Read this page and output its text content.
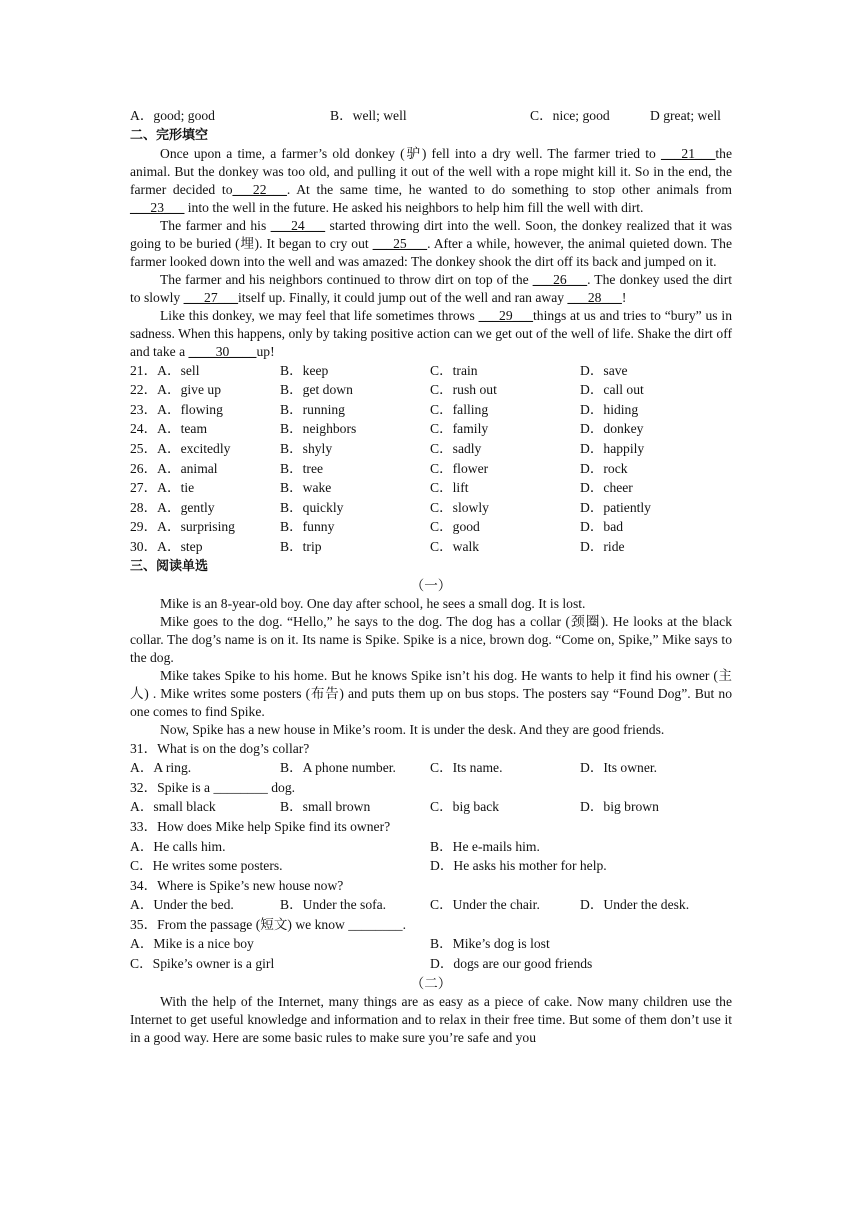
A．good; good	B．well; well	C．nice; good	D great; well
二、完形填空
Once upon a time, a farmer’s old donkey (驴) fell into a dry well. The farmer tried to ___21___the animal. But the donkey was too old, and pulling it out of the well with a rope might kill it. So in the end, the farmer decided to___22___. At the same time, he wanted to do something to stop other animals from ___23___ into the well in the future. He asked his neighbors to help him fill the well with dirt.
The farmer and his ___24___ started throwing dirt into the well. Soon, the donkey realized that it was going to be buried (埋). It began to cry out ___25___. After a while, however, the animal quieted down. The farmer looked down into the well and was amazed: The donkey shook the dirt off its back and jumped on it.
The farmer and his neighbors continued to throw dirt on top of the ___26___. The donkey used the dirt to slowly ___27___itself up. Finally, it could jump out of the well and ran away ___28___!
Like this donkey, we may feel that life sometimes throws ___29___things at us and tries to “bury” us in sadness. When this happens, only by taking positive action can we get out of the well of life. Shake the dirt off and take a ____30____up!
21．A．sell	B．keep	C．train	D．save
22．A．give up	B．get down	C．rush out	D．call out
23．A．flowing	B．running	C．falling	D．hiding
24．A．team	B．neighbors	C．family	D．donkey
25．A．excitedly	B．shyly	C．sadly	D．happily
26．A．animal	B．tree	C．flower	D．rock
27．A．tie	B．wake	C．lift	D．cheer
28．A．gently	B．quickly	C．slowly	D．patiently
29．A．surprising	B．funny	C．good	D．bad
30．A．step	B．trip	C．walk	D．ride
三、阅读单选
（一）
Mike is an 8-year-old boy. One day after school, he sees a small dog. It is lost.
Mike goes to the dog. “Hello,” he says to the dog. The dog has a collar (颈圈). He looks at the black collar. The dog’s name is on it. Its name is Spike. Spike is a nice, brown dog. “Come on, Spike,” Mike says to the dog.
Mike takes Spike to his home. But he knows Spike isn’t his dog. He wants to help it find his owner (主人) . Mike writes some posters (布告) and puts them up on bus stops. The posters say “Found Dog”. But no one comes to find Spike.
Now, Spike has a new house in Mike’s room. It is under the desk. And they are good friends.
31．What is on the dog’s collar?
A．A ring.	B．A phone number.	C．Its name.	D．Its owner.
32．Spike is a ________ dog.
A．small black	B．small brown	C．big back	D．big brown
33．How does Mike help Spike find its owner?
A．He calls him.	B．He e-mails him.
C．He writes some posters.	D．He asks his mother for help.
34．Where is Spike’s new house now?
A．Under the bed.	B．Under the sofa.	C．Under the chair.	D．Under the desk.
35．From the passage (短文) we know ________.
A．Mike is a nice boy	B．Mike’s dog is lost
C．Spike’s owner is a girl	D．dogs are our good friends
（二）
With the help of the Internet, many things are as easy as a piece of cake. Now many children use the Internet to get useful knowledge and information and to relax in their free time. But some of them don’t use it in a good way. Here are some basic rules to make sure you’re safe and you
